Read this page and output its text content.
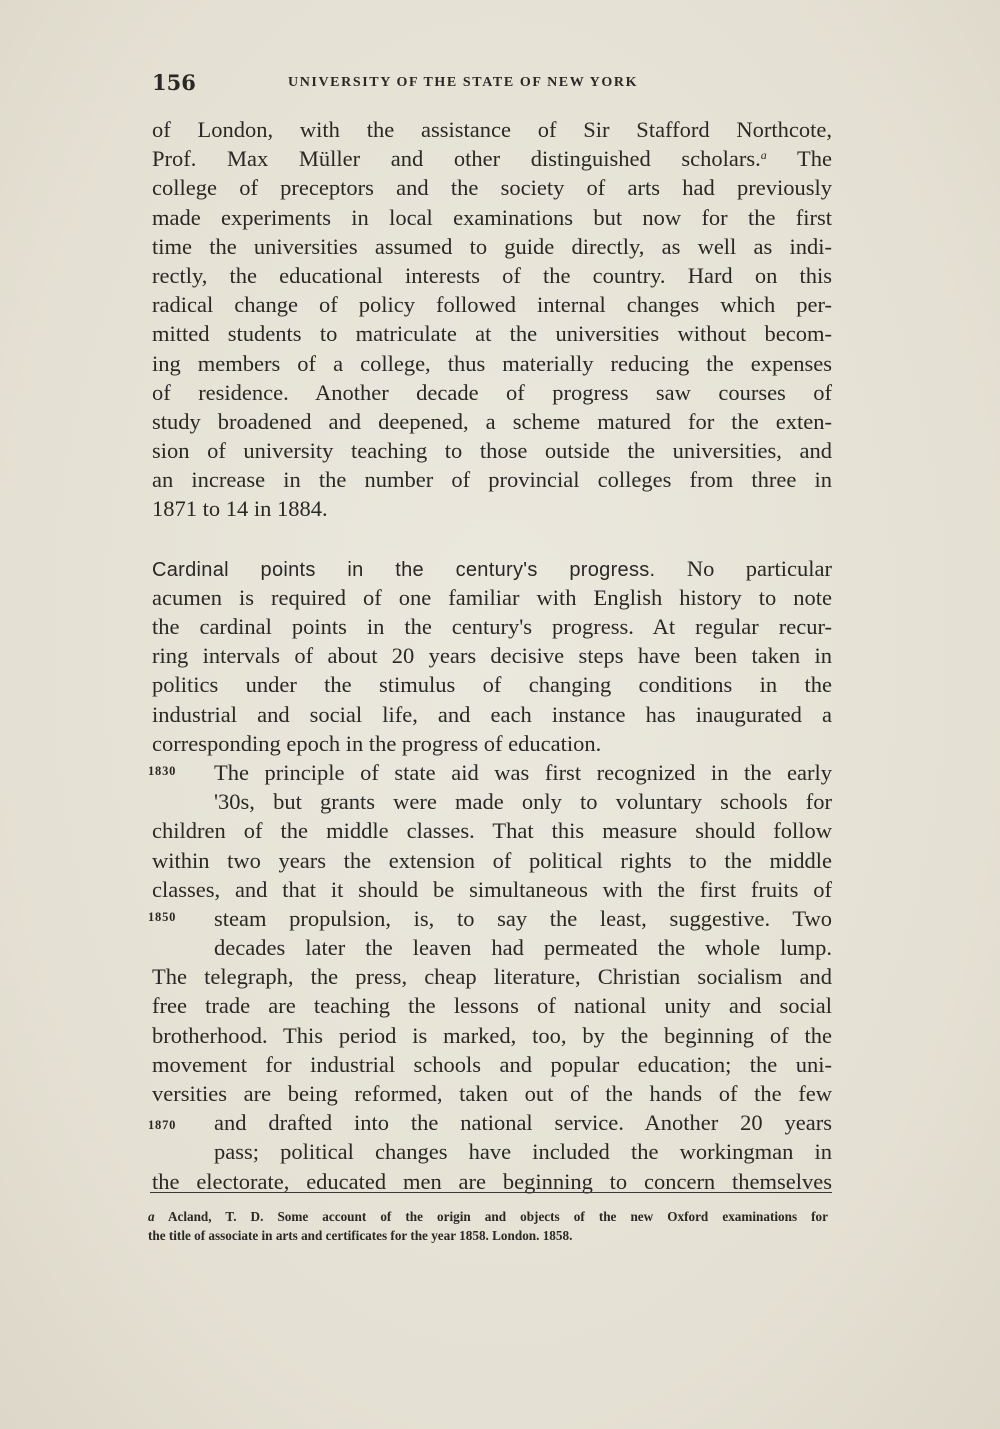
156	UNIVERSITY OF THE STATE OF NEW YORK
of London, with the assistance of Sir Stafford Northcote,
Prof. Max Müller and other distinguished scholars.$^a$ The
college of preceptors and the society of arts had previously
made experiments in local examinations but now for the first
time the universities assumed to guide directly, as well as indi-
rectly, the educational interests of the country. Hard on this
radical change of policy followed internal changes which per-
mitted students to matriculate at the universities without becom-
ing members of a college, thus materially reducing the expenses
of residence. Another decade of progress saw courses of
study broadened and deepened, a scheme matured for the exten-
sion of university teaching to those outside the universities, and
an increase in the number of provincial colleges from three in
1871 to 14 in 1884.
Cardinal points in the century's progress. No particular
acumen is required of one familiar with English history to note
the cardinal points in the century's progress. At regular recur-
ring intervals of about 20 years decisive steps have been taken in
politics under the stimulus of changing conditions in the
industrial and social life, and each instance has inaugurated a
corresponding epoch in the progress of education.
The principle of state aid was first recognized in the early
'30s, but grants were made only to voluntary schools for
children of the middle classes. That this measure should follow
within two years the extension of political rights to the middle
classes, and that it should be simultaneous with the first fruits of
steam propulsion, is, to say the least, suggestive. Two
decades later the leaven had permeated the whole lump.
The telegraph, the press, cheap literature, Christian socialism and
free trade are teaching the lessons of national unity and social
brotherhood. This period is marked, too, by the beginning of the
movement for industrial schools and popular education; the uni-
versities are being reformed, taken out of the hands of the few
and drafted into the national service. Another 20 years
pass; political changes have included the workingman in
the electorate, educated men are beginning to concern themselves
1830
1850
1870
a Acland, T. D. Some account of the origin and objects of the new Oxford examinations for
the title of associate in arts and certificates for the year 1858. London. 1858.
